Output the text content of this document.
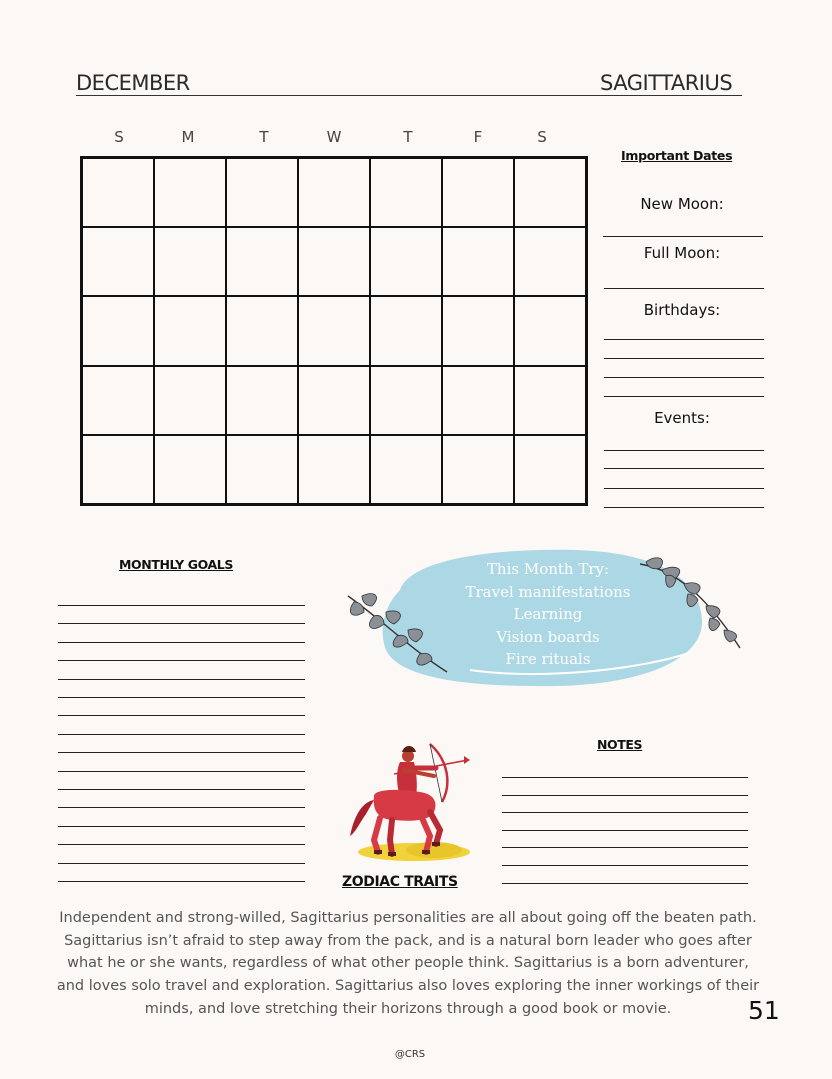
DECEMBER	SAGITTARIUS
S	M	T	W	T	F	S
Important Dates
New Moon:
Full Moon:
Birthdays:
Events:
MONTHLY GOALS	This Month Try:
Travel manifestations
Learning
Vision boards
Fire rituals
NOTES
ZODIAC TRAITS
Independent and strong-willed, Sagittarius personalities are all about going off the beaten path. Sagittarius isn’t afraid to step away from the pack, and is a natural born leader who goes after what he or she wants, regardless of what other people think. Sagittarius is a born adventurer, and loves solo travel and exploration. Sagittarius also loves exploring the inner workings of their minds, and love stretching their horizons through a good book or movie.	51
@CRS
